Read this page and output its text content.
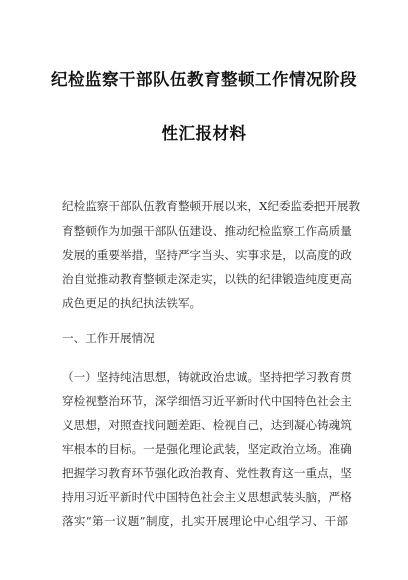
纪检监察干部队伍教育整顿工作情况阶段
性汇报材料
纪检监察干部队伍教育整顿开展以来，X纪委监委把开展教
育整顿作为加强干部队伍建设、推动纪检监察工作高质量
发展的重要举措，坚持严字当头、实事求是，以高度的政
治自觉推动教育整顿走深走实，以铁的纪律锻造纯度更高
成色更足的执纪执法铁军。
一、工作开展情况
（一）坚持纯洁思想，铸就政治忠诚。坚持把学习教育贯
穿检视整治环节，深学细悟习近平新时代中国特色社会主
义思想，对照查找问题差距、检视自己，达到凝心铸魂筑
牢根本的目标。一是强化理论武装，坚定政治立场。准确
把握学习教育环节强化政治教育、党性教育这一重点，坚
持用习近平新时代中国特色社会主义思想武装头脑，严格
落实“第一议题”制度，扎实开展理论中心组学习、干部
